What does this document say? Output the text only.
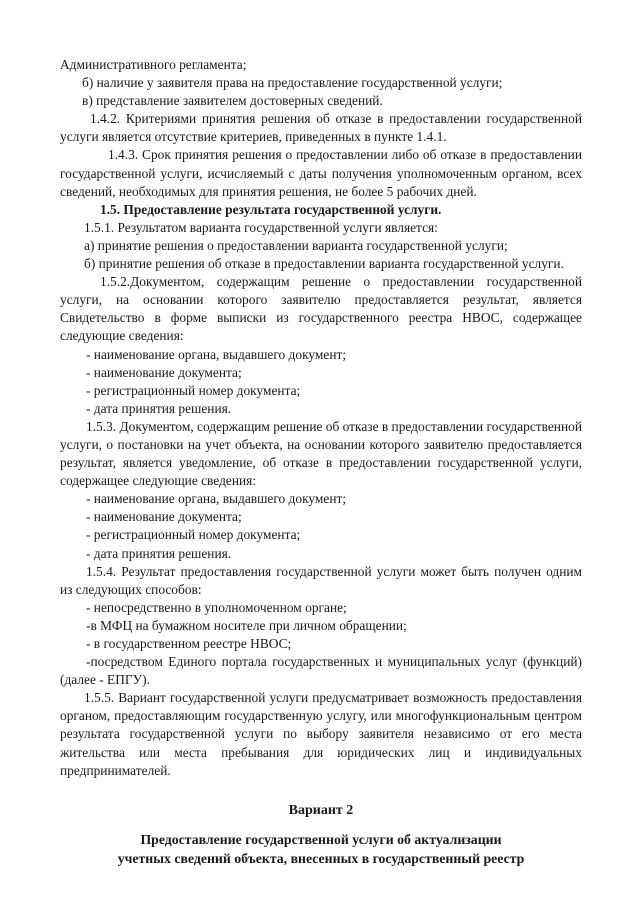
Административного регламента;

б) наличие у заявителя права на предоставление государственной услуги;

в) представление заявителем достоверных сведений.

1.4.2. Критериями принятия решения об отказе в предоставлении государственной услуги является отсутствие критериев, приведенных в пункте 1.4.1.

1.4.3. Срок принятия решения о предоставлении либо об отказе в предоставлении государственной услуги, исчисляемый с даты получения уполномоченным органом, всех сведений, необходимых для принятия решения, не более 5 рабочих дней.

1.5. Предоставление результата государственной услуги.

1.5.1. Результатом варианта государственной услуги является:

а) принятие решения о предоставлении варианта государственной услуги;

б) принятие решения об отказе в предоставлении варианта государственной услуги.

1.5.2.Документом, содержащим решение о предоставлении государственной услуги, на основании которого заявителю предоставляется результат, является Свидетельство в форме выписки из государственного реестра НВОС, содержащее следующие сведения:

- наименование органа, выдавшего документ;

- наименование документа;

- регистрационный номер документа;

- дата принятия решения.

1.5.3. Документом, содержащим решение об отказе в предоставлении государственной услуги, о постановки на учет объекта, на основании которого заявителю предоставляется результат, является уведомление, об отказе в предоставлении государственной услуги, содержащее следующие сведения:

- наименование органа, выдавшего документ;

- наименование документа;

- регистрационный номер документа;

- дата принятия решения.

1.5.4. Результат предоставления государственной услуги может быть получен одним из следующих способов:

- непосредственно в уполномоченном органе;

-в МФЦ на бумажном носителе при личном обращении;

- в государственном реестре НВОС;

-посредством Единого портала государственных и муниципальных услуг (функций) (далее - ЕПГУ).

1.5.5. Вариант государственной услуги предусматривает возможность предоставления органом, предоставляющим государственную услугу, или многофункциональным центром результата государственной услуги по выбору заявителя независимо от его места жительства или места пребывания для юридических лиц и индивидуальных предпринимателей.

Вариант 2
Предоставление государственной услуги об актуализации
учетных сведений объекта, внесенных в государственный реестр
